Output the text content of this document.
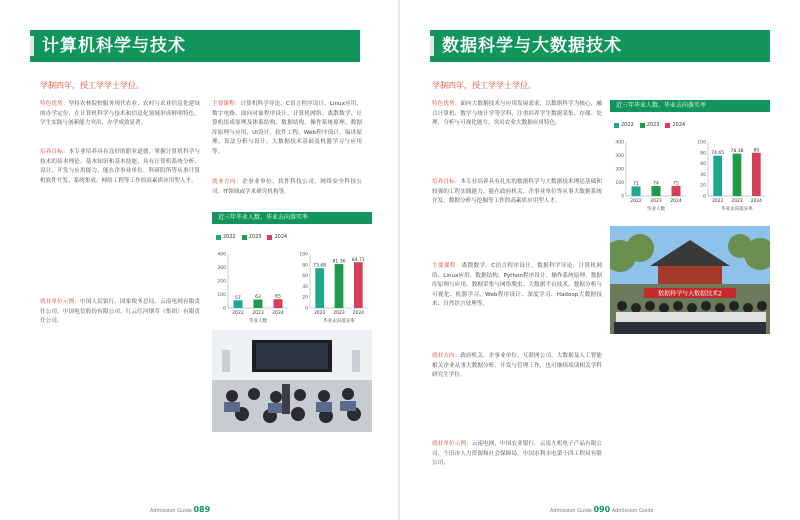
计算机科学与技术
学制四年，授工学学士学位。
特色优势：坚持农林院校服务现代农业、农村与农业信息化建设的办学定位，在计算机科学与技术和信息化领域形成鲜明特色，学生实践与创新能力突出，办学成效显著。
培养目标：本专业培养具有良好的职业道德，掌握计算机科学与技术的基本理论、基本知识和基本技能，具有计算机系统分析、设计、开发与应用能力，能在企事业单位、科研院所等从事计算机软件开发、系统集成、网络工程等工作的高素质应用型人才。
就业单位示例：中国人民银行、国家税务总局、云南电网有限责任公司、中国电信股份有限公司、红云红河烟草（集团）有限责任公司。
主要课程：计算机科学导论、C语言程序设计、Linux应用、数字电路、面向对象程序设计、计算机网络、离散数学、计算机组成原理及体系结构、数据结构、操作系统原理、数据库原理与应用、UI设计、软件工程、Web程序设计、编译原理、算法分析与设计、大数据技术基础及机器学习与应用等。
就业方向：企事业单位、软件科技公司、网络安全科技公司、IT领域或学术研究机构等。
近三年毕业人数、毕业去向落实率
2022	2023	2024
0
100
200
300
400
57
2022
63
2023
65
2024
毕业人数
0
20
40
60
80
100
73.68
2022
81.36
2023
84.71
2024
毕业去向落实率
Admission Guide 089
数据科学与大数据技术
学制四年，授工学学士学位。
特色优势：面向大数据技术与应用发展需求，以数据科学为核心，融合计算机、数学与统计学等学科，注重培养学生数据采集、存储、处理、分析与可视化能力，突出农业大数据应用特色。
培养目标：本专业培养具有扎实的数据科学与大数据技术理论基础和较强的工程实践能力，能在政府机关、企事业单位等从事大数据系统开发、数据分析与挖掘等工作的高素质应用型人才。
主要课程：离散数学、C语言程序设计、数据科学导论、计算机网络、Linux应用、数据结构、Python程序设计、操作系统原理、数据库原理与应用、数据采集与网络爬虫、大数据平台技术、数据分析与可视化、机器学习、Web程序设计、深度学习、Hadoop大数据技术、自然语言处理等。
就业方向：政府机关、企事业单位、互联网公司、大数据及人工智能相关企业从事大数据分析、开发与管理工作，也可继续攻读相关学科研究生学位。
就业单位示例：云南电网、中国农业银行、云南九机电子产品有限公司、个旧市人力资源和社会保障局、中国水利水电第十四工程局有限公司。
近三年毕业人数、毕业去向落实率
2022	2023	2024
0
100
200
300
400
71
2022
74
2023
75
2024
毕业人数
0
20
40
60
80
100
74.65
2022
78.38
2023
80
2024
毕业去向落实率
数据科学与大数据技术2
Admission Guide 090 Admission Guide
